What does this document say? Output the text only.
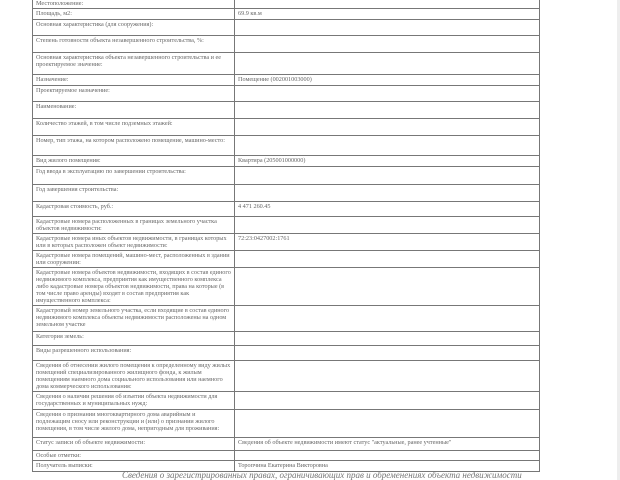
Местоположение:	
Площадь, м2:	69.9 кв.м
Основная характеристика (для сооружения):	
Степень готовности объекта незавершенного строительства, %:	
Основная характеристика объекта незавершенного строительства и ее проектируемое значение:	
Назначение:	Помещение (002001003000)
Проектируемое назначение:	
Наименование:	
Количество этажей, в том числе подземных этажей:	
Номер, тип этажа, на котором расположено помещение, машино-место:	
Вид жилого помещения:	Квартира (205001000000)
Год ввода в эксплуатацию по завершении строительства:	
Год завершения строительства:	
Кадастровая стоимость, руб.:	4 471 260.45
Кадастровые номера расположенных в границах земельного участка объектов недвижимости:	
Кадастровые номера иных объектов недвижимости, в границах которых или в которых расположен объект недвижимости:	72:23:0427002:1761
Кадастровые номера помещений, машино-мест, расположенных в здании или сооружении:	
Кадастровые номера объектов недвижимости, входящих в состав единого недвижимого комплекса, предприятия как имущественного комплекса либо кадастровые номера объектов недвижимости, права на которые (в том числе право аренды) входят в состав предприятия как имущественного комплекса:	
Кадастровый номер земельного участка, если входящие в состав единого недвижимого комплекса объекты недвижимости расположены на одном земельном участке	
Категория земель:	
Виды разрешенного использования:	
Сведения об отнесении жилого помещения к определенному виду жилых помещений специализированного жилищного фонда, к жилым помещениям наемного дома социального использования или наемного дома коммерческого использования:	
Сведения о наличии решения об изъятии объекта недвижимости для государственных и муниципальных нужд:	
Сведения о признании многоквартирного дома аварийным и подлежащим сносу или реконструкции и (или) о признании жилого помещения, в том числе жилого дома, непригодным для проживания:	
Статус записи об объекте недвижимости:	Сведения об объекте недвижимости имеют статус "актуальные, ранее учтенные"
Особые отметки:	
Получатель выписки:	Торопчина Екатерина Викторовна
Сведения о зарегистрированных правах, ограничивающих прав и обременениях объекта недвижимости
